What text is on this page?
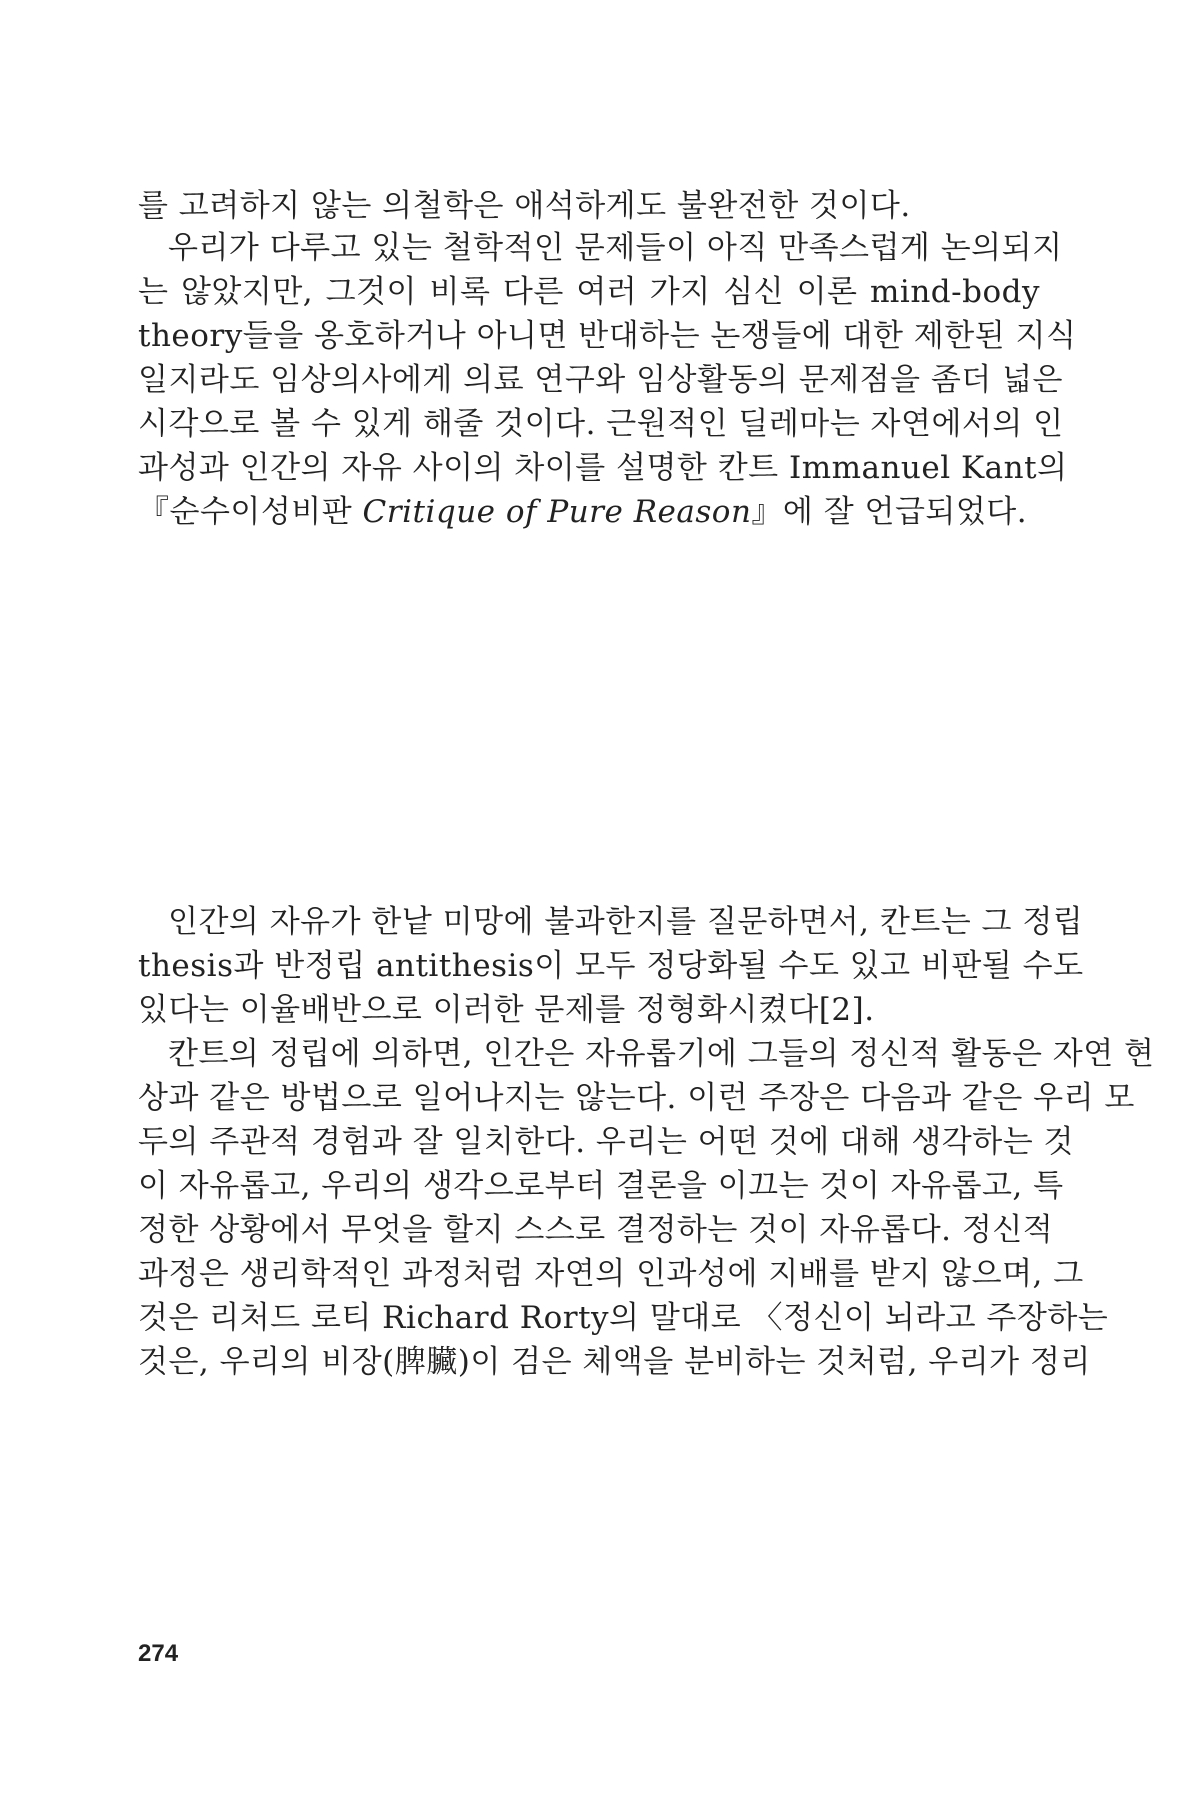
를 고려하지 않는 의철학은 애석하게도 불완전한 것이다.
우리가 다루고 있는 철학적인 문제들이 아직 만족스럽게 논의되지
는 않았지만, 그것이 비록 다른 여러 가지 심신 이론 mind-body
theory들을 옹호하거나 아니면 반대하는 논쟁들에 대한 제한된 지식
일지라도 임상의사에게 의료 연구와 임상활동의 문제점을 좀더 넓은
시각으로 볼 수 있게 해줄 것이다. 근원적인 딜레마는 자연에서의 인
과성과 인간의 자유 사이의 차이를 설명한 칸트 Immanuel Kant의
『순수이성비판 Critique of Pure Reason』에 잘 언급되었다.
인간의 자유가 한낱 미망에 불과한지를 질문하면서, 칸트는 그 정립
thesis과 반정립 antithesis이 모두 정당화될 수도 있고 비판될 수도
있다는 이율배반으로 이러한 문제를 정형화시켰다[2].
칸트의 정립에 의하면, 인간은 자유롭기에 그들의 정신적 활동은 자연 현
상과 같은 방법으로 일어나지는 않는다. 이런 주장은 다음과 같은 우리 모
두의 주관적 경험과 잘 일치한다. 우리는 어떤 것에 대해 생각하는 것
이 자유롭고, 우리의 생각으로부터 결론을 이끄는 것이 자유롭고, 특
정한 상황에서 무엇을 할지 스스로 결정하는 것이 자유롭다. 정신적
과정은 생리학적인 과정처럼 자연의 인과성에 지배를 받지 않으며, 그
것은 리처드 로티 Richard Rorty의 말대로 〈정신이 뇌라고 주장하는
것은, 우리의 비장(脾臟)이 검은 체액을 분비하는 것처럼, 우리가 정리
274
